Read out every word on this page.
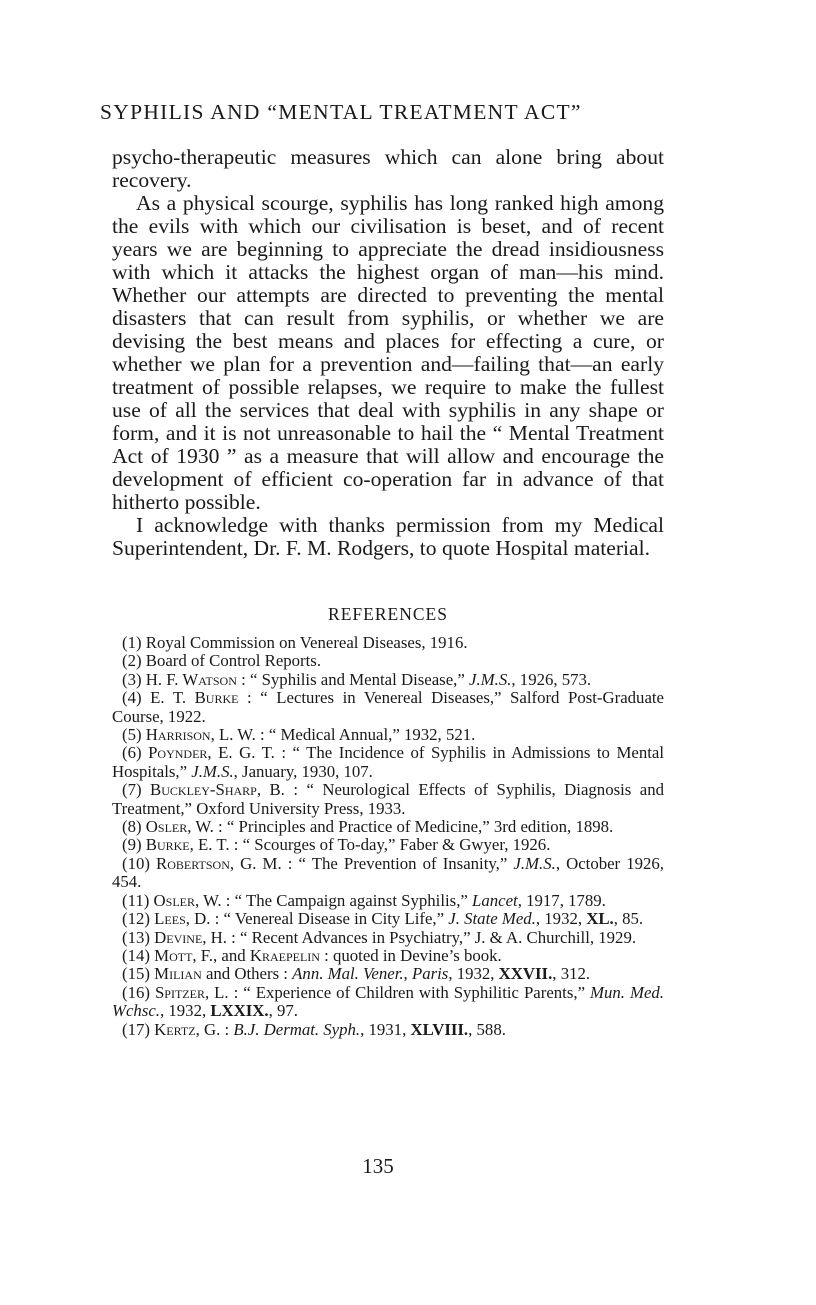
SYPHILIS AND “MENTAL TREATMENT ACT”

psycho-therapeutic measures which can alone bring about recovery.

As a physical scourge, syphilis has long ranked high among the evils with which our civilisation is beset, and of recent years we are beginning to appreciate the dread insidiousness with which it attacks the highest organ of man—his mind. Whether our attempts are directed to preventing the mental disasters that can result from syphilis, or whether we are devising the best means and places for effecting a cure, or whether we plan for a prevention and—failing that—an early treatment of possible relapses, we require to make the fullest use of all the services that deal with syphilis in any shape or form, and it is not unreasonable to hail the “ Mental Treatment Act of 1930 ” as a measure that will allow and encourage the development of efficient co-operation far in advance of that hitherto possible.

I acknowledge with thanks permission from my Medical Superintendent, Dr. F. M. Rodgers, to quote Hospital material.

REFERENCES

(1) Royal Commission on Venereal Diseases, 1916.

(2) Board of Control Reports.

(3) H. F. Watson : “ Syphilis and Mental Disease,” J.M.S., 1926, 573.

(4) E. T. Burke : “ Lectures in Venereal Diseases,” Salford Post-Graduate Course, 1922.

(5) Harrison, L. W. : “ Medical Annual,” 1932, 521.

(6) Poynder, E. G. T. : “ The Incidence of Syphilis in Admissions to Mental Hospitals,” J.M.S., January, 1930, 107.

(7) Buckley-Sharp, B. : “ Neurological Effects of Syphilis, Diagnosis and Treatment,” Oxford University Press, 1933.

(8) Osler, W. : “ Principles and Practice of Medicine,” 3rd edition, 1898.

(9) Burke, E. T. : “ Scourges of To-day,” Faber & Gwyer, 1926.

(10) Robertson, G. M. : “ The Prevention of Insanity,” J.M.S., October 1926, 454.

(11) Osler, W. : “ The Campaign against Syphilis,” Lancet, 1917, 1789.

(12) Lees, D. : “ Venereal Disease in City Life,” J. State Med., 1932, XL., 85.

(13) Devine, H. : “ Recent Advances in Psychiatry,” J. & A. Churchill, 1929.

(14) Mott, F., and Kraepelin : quoted in Devine’s book.

(15) Milian and Others : Ann. Mal. Vener., Paris, 1932, XXVII., 312.

(16) Spitzer, L. : “ Experience of Children with Syphilitic Parents,” Mun. Med. Wchsc., 1932, LXXIX., 97.

(17) Kertz, G. : B.J. Dermat. Syph., 1931, XLVIII., 588.

135
